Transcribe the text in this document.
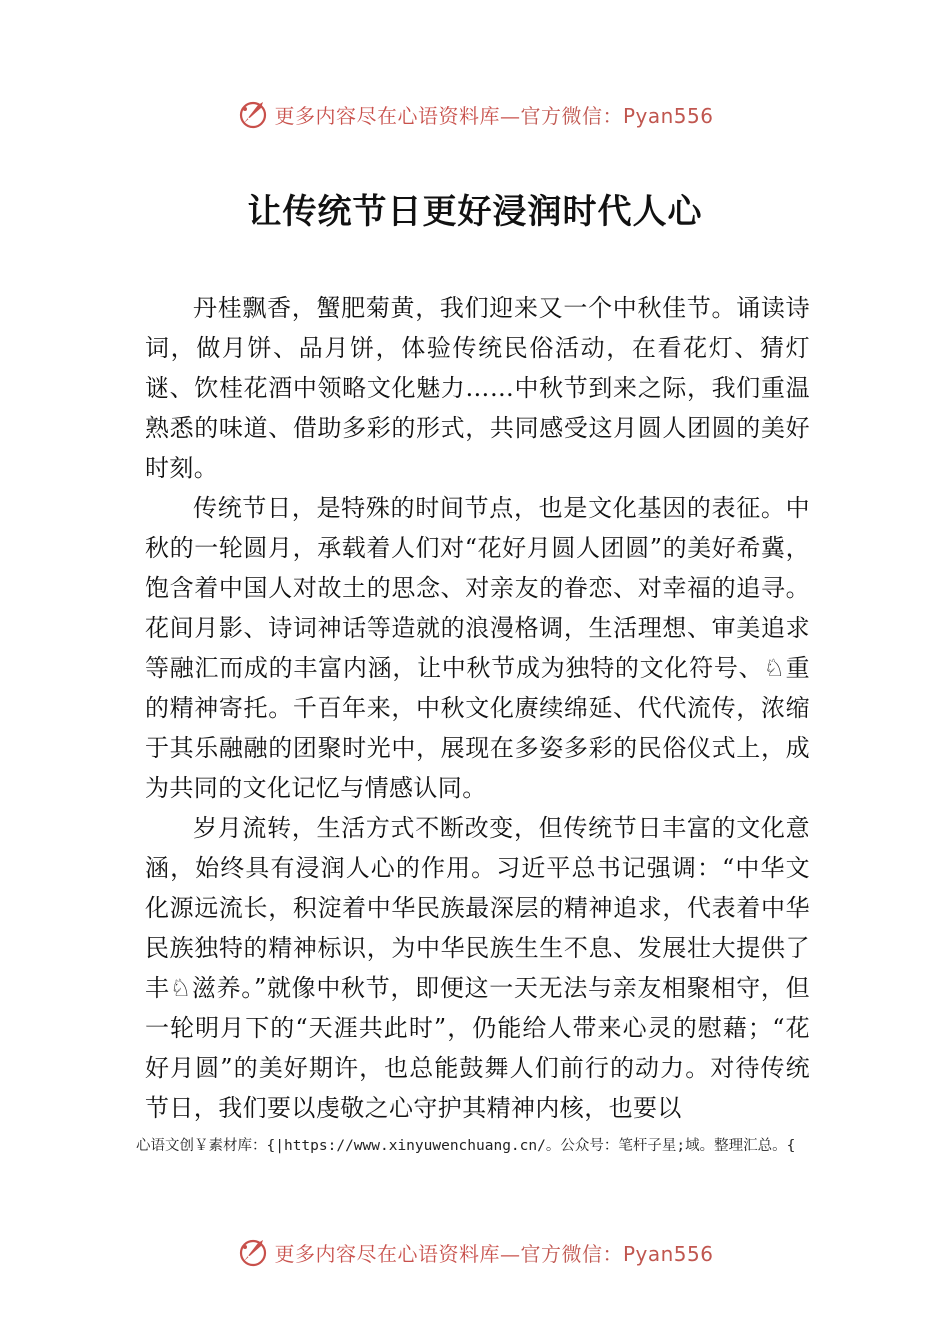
更多内容尽在心语资料库—官方微信：Pyan556
让传统节日更好浸润时代人心

丹桂飘香，蟹肥菊黄，我们迎来又一个中秋佳节。诵读诗词，做月饼、品月饼，体验传统民俗活动，在看花灯、猜灯谜、饮桂花酒中领略文化魅力……中秋节到来之际，我们重温熟悉的味道、借助多彩的形式，共同感受这月圆人团圆的美好时刻。

传统节日，是特殊的时间节点，也是文化基因的表征。中秋的一轮圆月，承载着人们对“花好月圆人团圆”的美好希冀，饱含着中国人对故土的思念、对亲友的眷恋、对幸福的追寻。花间月影、诗词神话等造就的浪漫格调，生活理想、审美追求等融汇而成的丰富内涵，让中秋节成为独特的文化符号、♘重的精神寄托。千百年来，中秋文化赓续绵延、代代流传，浓缩于其乐融融的团聚时光中，展现在多姿多彩的民俗仪式上，成为共同的文化记忆与情感认同。

岁月流转，生活方式不断改变，但传统节日丰富的文化意涵，始终具有浸润人心的作用。习近平总书记强调：“中华文化源远流长，积淀着中华民族最深层的精神追求，代表着中华民族独特的精神标识，为中华民族生生不息、发展壮大提供了丰♘滋养。”就像中秋节，即便这一天无法与亲友相聚相守，但一轮明月下的“天涯共此时”，仍能给人带来心灵的慰藉；“花好月圆”的美好期许，也总能鼓舞人们前行的动力。对待传统节日，我们要以虔敬之心守护其精神内核，也要以

心语文创￥素材库：{|https://www.xinyuwenchuang.cn/。公众号：笔杆子星;域。整理汇总。{
更多内容尽在心语资料库—官方微信：Pyan556
